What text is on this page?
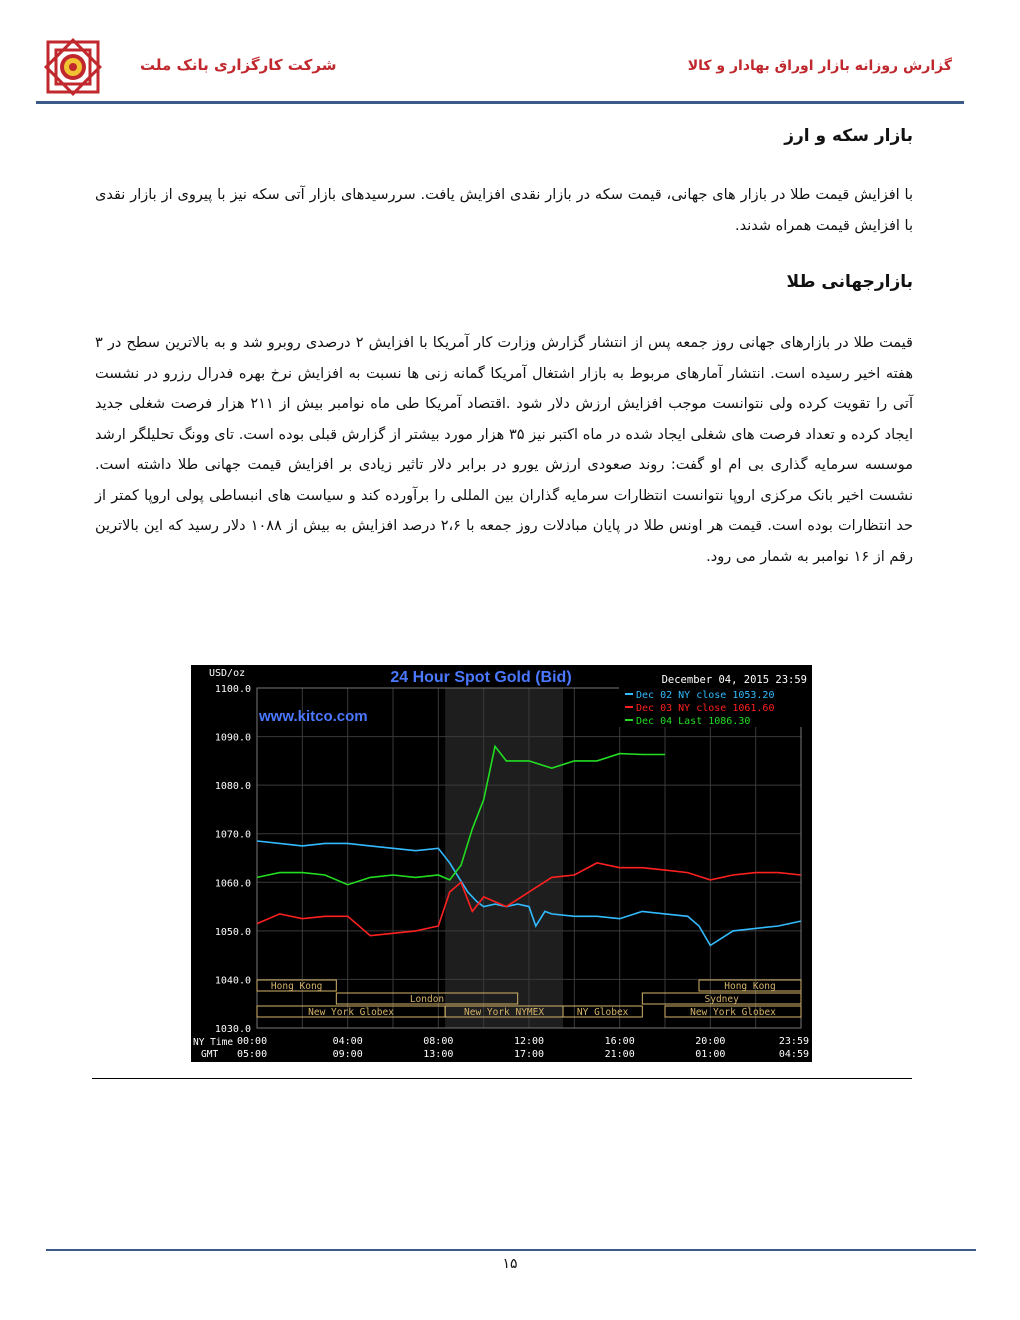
شرکت کارگزاری بانک ملت	گزارش روزانه بازار اوراق بهادار و کالا
بازار سکه و ارز

با افزایش قیمت طلا در بازار های جهانی، قیمت سکه در بازار نقدی افزایش یافت. سررسیدهای بازار آتی سکه نیز با پیروی از بازار نقدی با افزایش قیمت همراه شدند.

بازارجهانی طلا

قیمت طلا در بازارهای جهانی روز جمعه پس از انتشار گزارش وزارت کار آمریکا با افزایش ۲ درصدی روبرو شد و به بالاترین سطح در ۳ هفته اخیر رسیده است. انتشار آمارهای مربوط به بازار اشتغال آمریکا گمانه زنی ها نسبت به افزایش نرخ بهره فدرال رزرو در نشست آتی را تقویت کرده ولی نتوانست موجب افزایش ارزش دلار شود .اقتصاد آمریکا طی ماه نوامبر بیش از ۲۱۱ هزار فرصت شغلی جدید ایجاد کرده و تعداد فرصت های شغلی ایجاد شده در ماه اکتبر نیز ۳۵ هزار مورد بیشتر از گزارش قبلی بوده است. تای وونگ تحلیلگر ارشد موسسه سرمایه گذاری بی ام او گفت: روند صعودی ارزش یورو در برابر دلار تاثیر زیادی بر افزایش قیمت جهانی طلا داشته است. نشست اخیر بانک مرکزی اروپا نتوانست انتظارات سرمایه گذاران بین المللی را برآورده کند و سیاست های انبساطی پولی اروپا کمتر از حد انتظارات بوده است. قیمت هر اونس طلا در پایان مبادلات روز جمعه با ۲،۶ درصد افزایش به بیش از ۱۰۸۸ دلار رسید که این بالاترین رقم از ۱۶ نوامبر به شمار می رود.

1100.0
1090.0
1080.0
1070.0
1060.0
1050.0
1040.0
1030.0
Hong Kong	Hong Kong
London	Sydney
New York Globex	New York NYMEX	NY Globex	New York Globex
USD/oz	24 Hour Spot Gold (Bid)
www.kitco.com
December 04, 2015 23:59
Dec 02 NY close 1053.20
Dec 03 NY close 1061.60
Dec 04 Last 1086.30
NY Time
GMT
00:00
05:00
04:00
09:00
08:00
13:00
12:00
17:00
16:00
21:00
20:00
01:00
23:59
04:59
۱۵
